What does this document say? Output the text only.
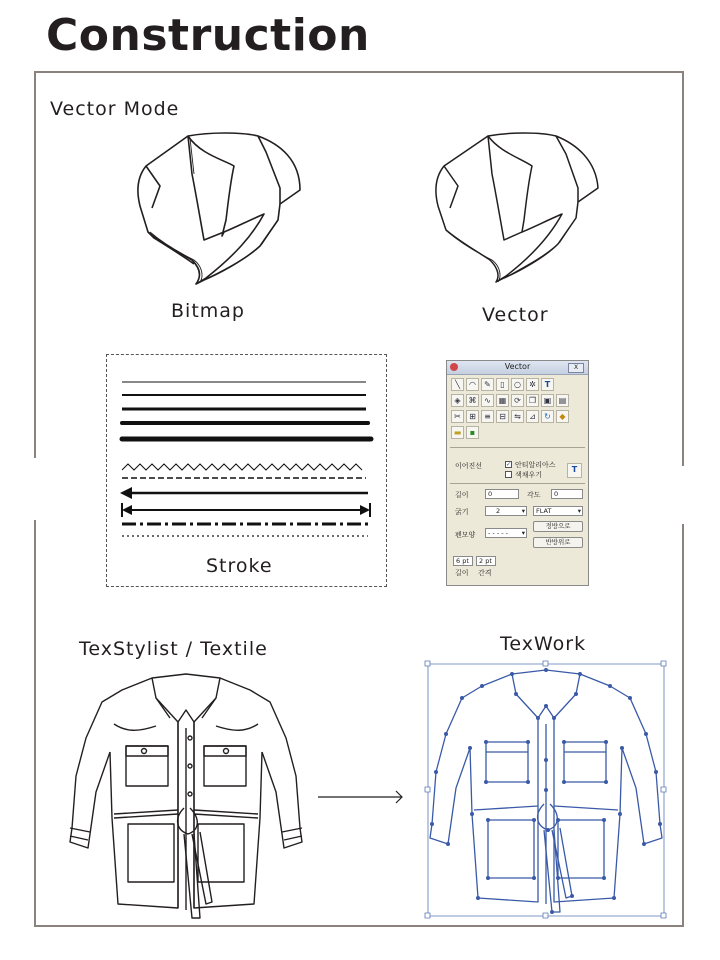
Construction
Vector Mode
Bitmap	Vector
Stroke
Vector	X
╲	◠	✎	▯	○	✲	T
◈ ⌘ ∿ ▦ ⟳	❐ ▣ ▤
✂	⊞	≡	⊟	⇋	⊿	↻	◆
▬	▪
이어진선	✓ 안티알리아스
색채우기
T
길이	0	각도	0
굵기	2	▾	FLAT	▾
펜모양	- - - - - ▾
정방으로
반방위로
6 pt	2 pt
길이 간격
TexStylist / Textile	TexWork
